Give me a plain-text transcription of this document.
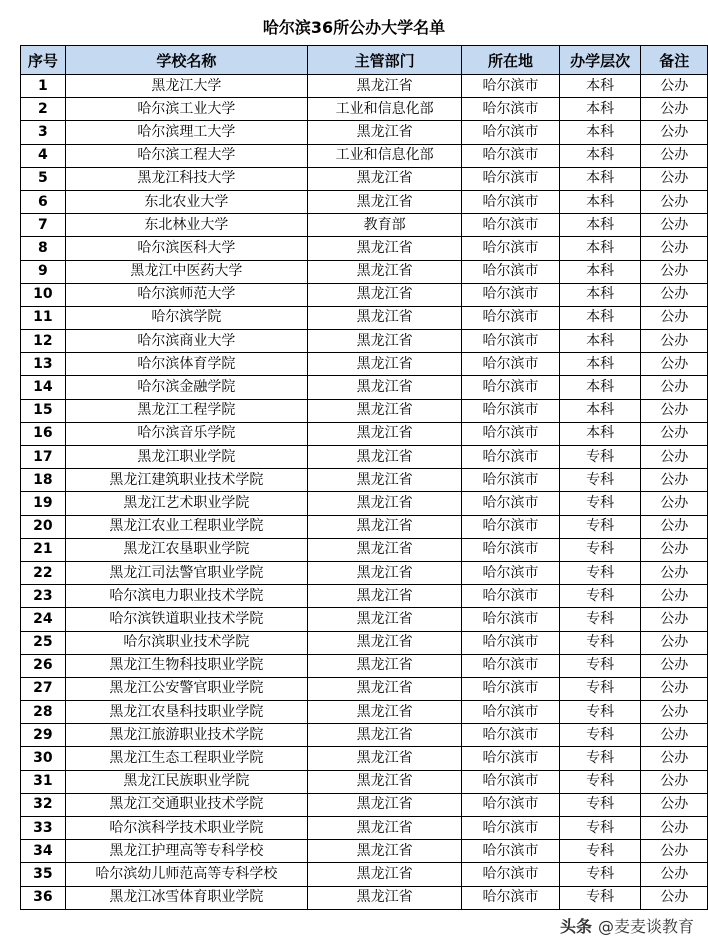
哈尔滨36所公办大学名单
序号	学校名称	主管部门	所在地	办学层次	备注
1	黑龙江大学	黑龙江省	哈尔滨市	本科	公办
2	哈尔滨工业大学	工业和信息化部	哈尔滨市	本科	公办
3	哈尔滨理工大学	黑龙江省	哈尔滨市	本科	公办
4	哈尔滨工程大学	工业和信息化部	哈尔滨市	本科	公办
5	黑龙江科技大学	黑龙江省	哈尔滨市	本科	公办
6	东北农业大学	黑龙江省	哈尔滨市	本科	公办
7	东北林业大学	教育部	哈尔滨市	本科	公办
8	哈尔滨医科大学	黑龙江省	哈尔滨市	本科	公办
9	黑龙江中医药大学	黑龙江省	哈尔滨市	本科	公办
10	哈尔滨师范大学	黑龙江省	哈尔滨市	本科	公办
11	哈尔滨学院	黑龙江省	哈尔滨市	本科	公办
12	哈尔滨商业大学	黑龙江省	哈尔滨市	本科	公办
13	哈尔滨体育学院	黑龙江省	哈尔滨市	本科	公办
14	哈尔滨金融学院	黑龙江省	哈尔滨市	本科	公办
15	黑龙江工程学院	黑龙江省	哈尔滨市	本科	公办
16	哈尔滨音乐学院	黑龙江省	哈尔滨市	本科	公办
17	黑龙江职业学院	黑龙江省	哈尔滨市	专科	公办
18	黑龙江建筑职业技术学院	黑龙江省	哈尔滨市	专科	公办
19	黑龙江艺术职业学院	黑龙江省	哈尔滨市	专科	公办
20	黑龙江农业工程职业学院	黑龙江省	哈尔滨市	专科	公办
21	黑龙江农垦职业学院	黑龙江省	哈尔滨市	专科	公办
22	黑龙江司法警官职业学院	黑龙江省	哈尔滨市	专科	公办
23	哈尔滨电力职业技术学院	黑龙江省	哈尔滨市	专科	公办
24	哈尔滨铁道职业技术学院	黑龙江省	哈尔滨市	专科	公办
25	哈尔滨职业技术学院	黑龙江省	哈尔滨市	专科	公办
26	黑龙江生物科技职业学院	黑龙江省	哈尔滨市	专科	公办
27	黑龙江公安警官职业学院	黑龙江省	哈尔滨市	专科	公办
28	黑龙江农垦科技职业学院	黑龙江省	哈尔滨市	专科	公办
29	黑龙江旅游职业技术学院	黑龙江省	哈尔滨市	专科	公办
30	黑龙江生态工程职业学院	黑龙江省	哈尔滨市	专科	公办
31	黑龙江民族职业学院	黑龙江省	哈尔滨市	专科	公办
32	黑龙江交通职业技术学院	黑龙江省	哈尔滨市	专科	公办
33	哈尔滨科学技术职业学院	黑龙江省	哈尔滨市	专科	公办
34	黑龙江护理高等专科学校	黑龙江省	哈尔滨市	专科	公办
35	哈尔滨幼儿师范高等专科学校	黑龙江省	哈尔滨市	专科	公办
36	黑龙江冰雪体育职业学院	黑龙江省	哈尔滨市	专科	公办
头条 @麦麦谈教育
